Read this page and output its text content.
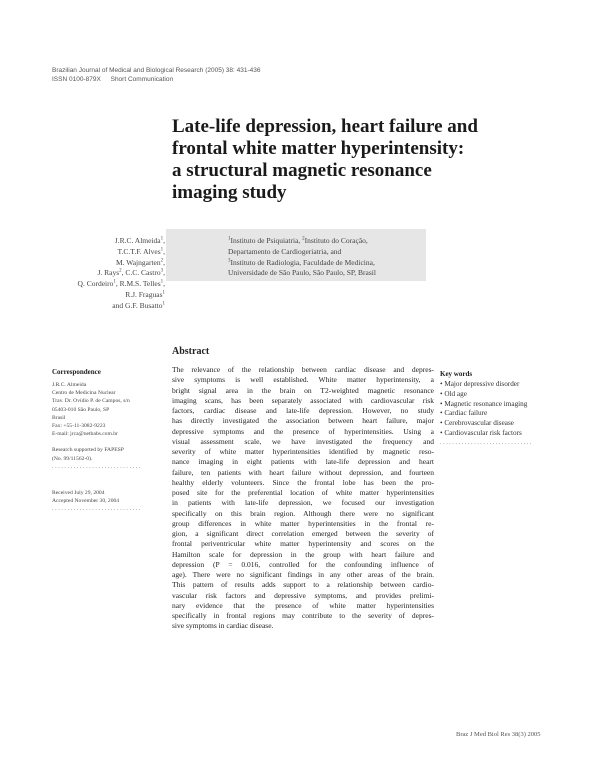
Brazilian Journal of Medical and Biological Research (2005) 38: 431-436
ISSN 0100-879X Short Communication
Late-life depression, heart failure and
frontal white matter hyperintensity:
a structural magnetic resonance
imaging study
J.R.C. Almeida$^1$,
T.C.T.F. Alves$^1$,
M. Wajngarten$^2$,
J. Rays$^2$, C.C. Castro$^3$,
Q. Cordeiro$^1$, R.M.S. Telles$^1$,
R.J. Fraguas$^1$
and G.F. Busatto$^1$
$^1$Instituto de Psiquiatria, $^2$Instituto do Coração,
Departamento de Cardiogeriatria, and
$^3$Instituto de Radiologia, Faculdade de Medicina,
Universidade de São Paulo, São Paulo, SP, Brasil
Abstract
The relevance of the relationship between cardiac disease and depres-
sive symptoms is well established. White matter hyperintensity, a
bright signal area in the brain on T2-weighted magnetic resonance
imaging scans, has been separately associated with cardiovascular risk
factors, cardiac disease and late-life depression. However, no study
has directly investigated the association between heart failure, major
depressive symptoms and the presence of hyperintensities. Using a
visual assessment scale, we have investigated the frequency and
severity of white matter hyperintensities identified by magnetic reso-
nance imaging in eight patients with late-life depression and heart
failure, ten patients with heart failure without depression, and fourteen
healthy elderly volunteers. Since the frontal lobe has been the pro-
posed site for the preferential location of white matter hyperintensities
in patients with late-life depression, we focused our investigation
specifically on this brain region. Although there were no significant
group differences in white matter hyperintensities in the frontal re-
gion, a significant direct correlation emerged between the severity of
frontal periventricular white matter hyperintensity and scores on the
Hamilton scale for depression in the group with heart failure and
depression (P = 0.016, controlled for the confounding influence of
age). There were no significant findings in any other areas of the brain.
This pattern of results adds support to a relationship between cardio-
vascular risk factors and depressive symptoms, and provides prelimi-
nary evidence that the presence of white matter hyperintensities
specifically in frontal regions may contribute to the severity of depres-
sive symptoms in cardiac disease.
Correspondence
J.R.C. Almeida
Centro de Medicina Nuclear
Trav. Dr. Ovídio P. de Campos, s/n
05403-010 São Paulo, SP
Brasil
Fax: +55-11-3082-9223
E-mail: jrca@netbabs.com.br
Research supported by FAPESP
(No. 99/11562-0).
.............................
Received July 29, 2004
Accepted November 30, 2004
.............................
Key words
• Major depressive disorder
• Old age
• Magnetic resonance imaging
• Cardiac failure
• Cerebrovascular disease
• Cardiovascular risk factors
..............................
Braz J Med Biol Res 38(3) 2005
